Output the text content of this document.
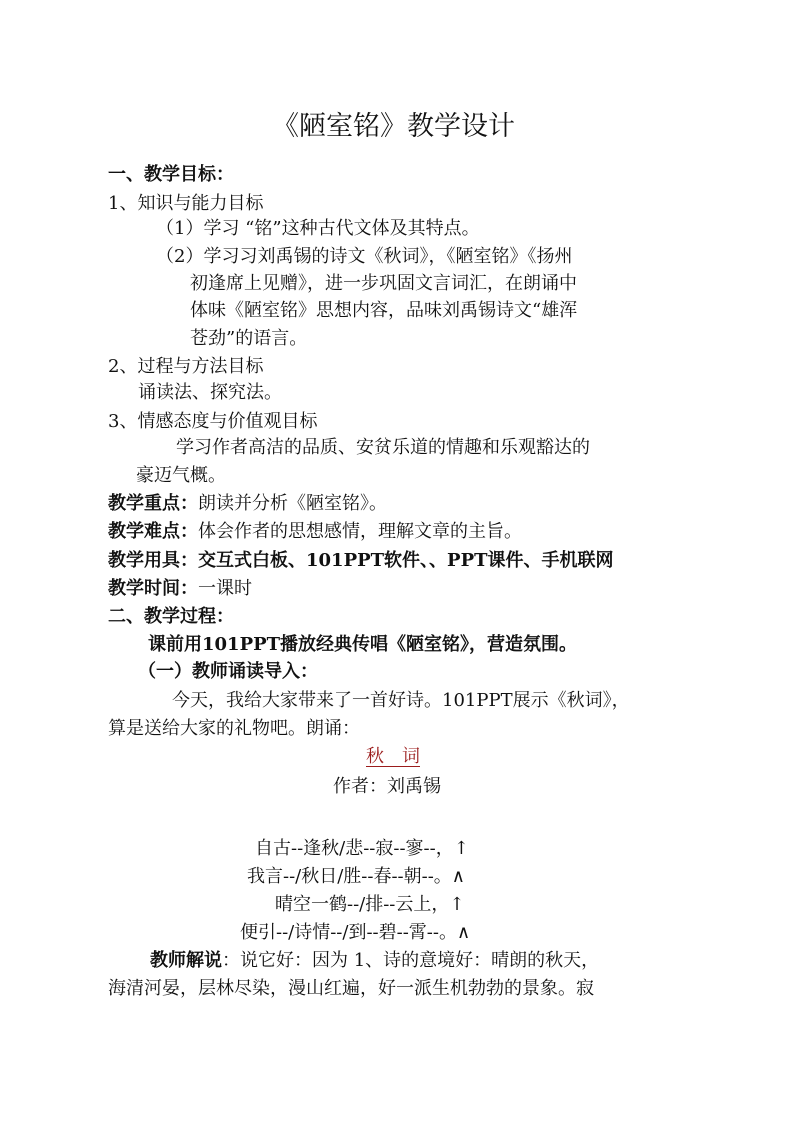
《陋室铭》教学设计
一、教学目标：
1、知识与能力目标
（1）学习 “铭”这种古代文体及其特点。
（2）学习习刘禹锡的诗文《秋词》，《陋室铭》《扬州
初逢席上见赠》，进一步巩固文言词汇，在朗诵中
体味《陋室铭》思想内容，品味刘禹锡诗文“雄浑
苍劲”的语言。
2、过程与方法目标
诵读法、探究法。
3、情感态度与价值观目标
学习作者高洁的品质、安贫乐道的情趣和乐观豁达的
豪迈气概。
教学重点：朗读并分析《陋室铭》。
教学难点：体会作者的思想感情，理解文章的主旨。
教学用具：交互式白板、101PPT软件、、PPT课件、手机联网
教学时间：一课时
二、教学过程：
课前用101PPT播放经典传唱《陋室铭》，营造氛围。
（一）教师诵读导入：
今天，我给大家带来了一首好诗。101PPT展示《秋词》，
算是送给大家的礼物吧。朗诵：
秋　词
作者：刘禹锡
自古--逢秋/悲--寂--寥--，↑
我言--/秋日/胜--春--朝--。∧
晴空一鹤--/排--云上，↑
便引--/诗情--/到--碧--霄--。∧
教师解说：说它好：因为 1、诗的意境好：晴朗的秋天，
海清河晏，层林尽染，漫山红遍，好一派生机勃勃的景象。寂
